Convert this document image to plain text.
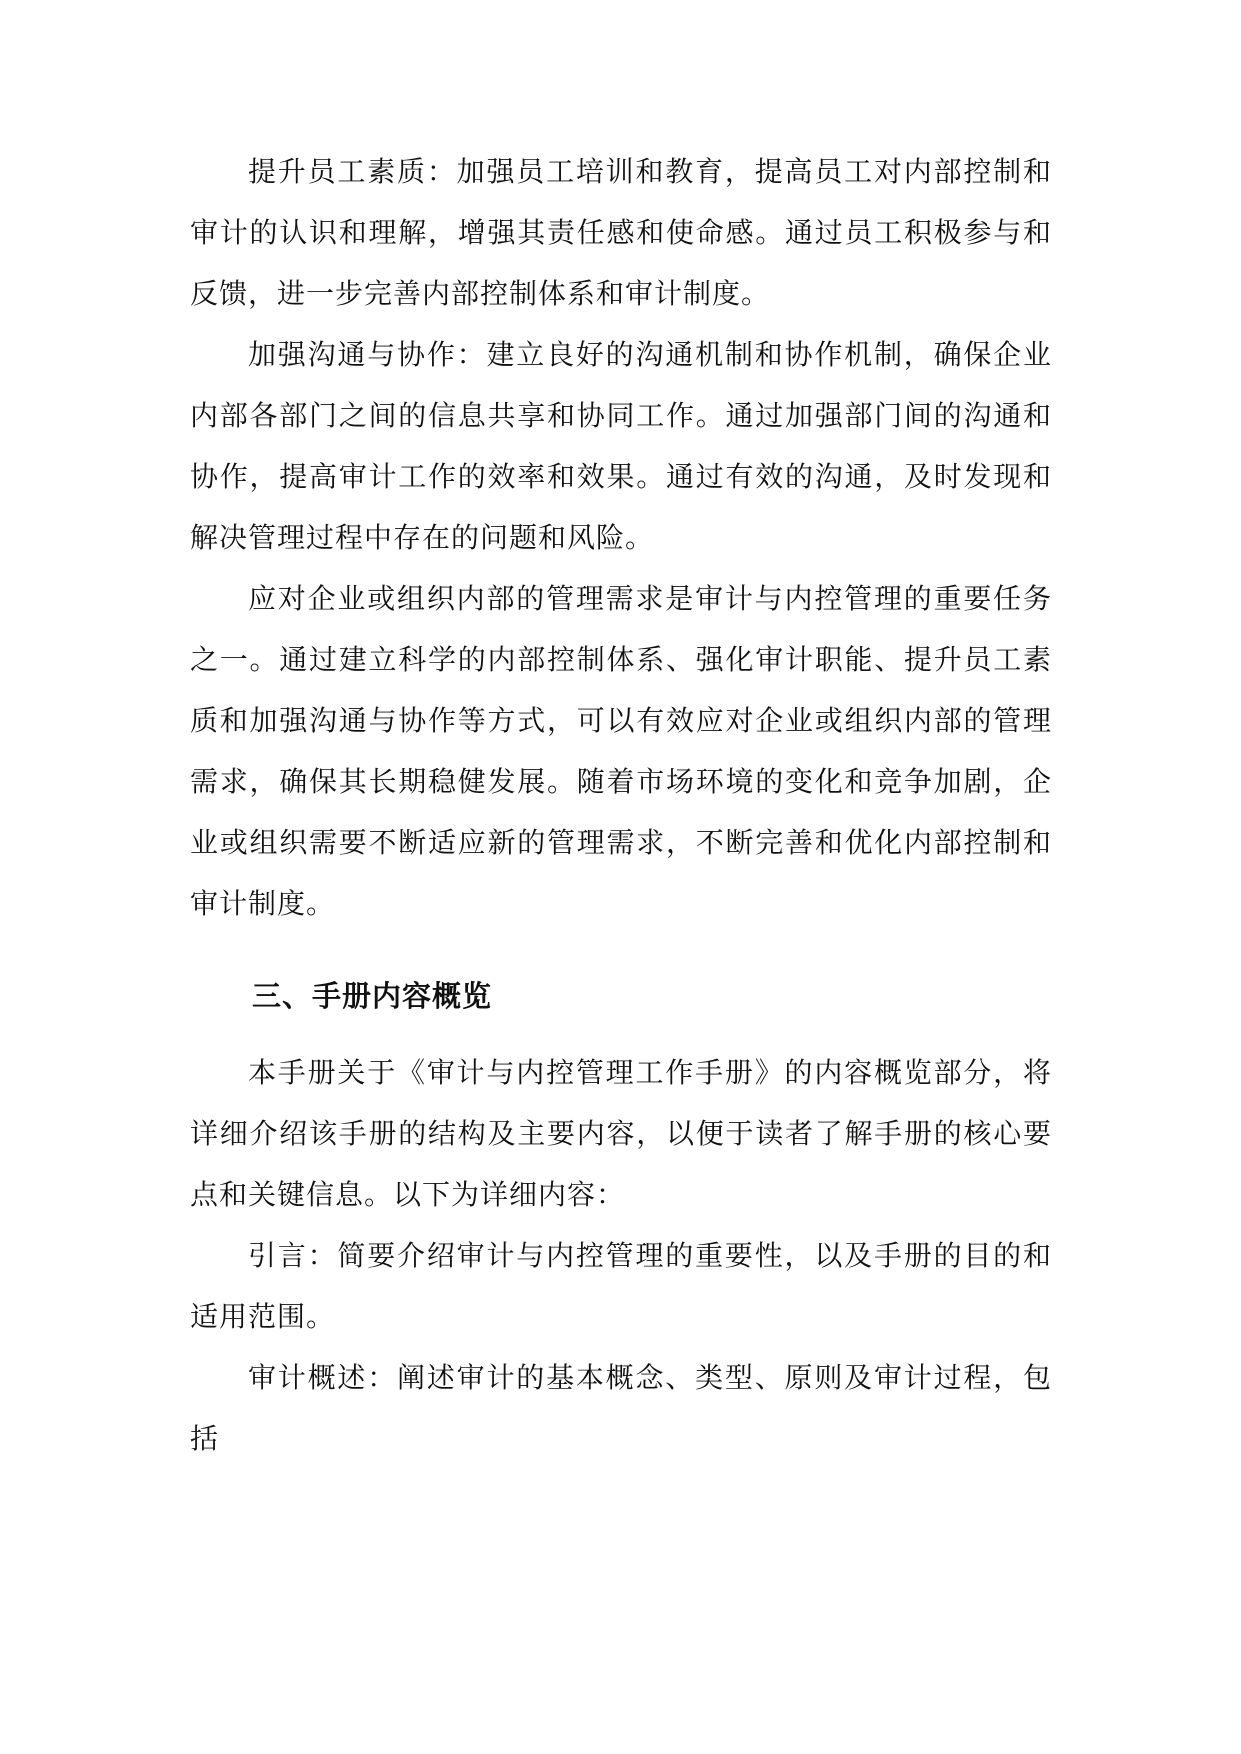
提升员工素质：加强员工培训和教育，提高员工对内部控制和审计的认识和理解，增强其责任感和使命感。通过员工积极参与和反馈，进一步完善内部控制体系和审计制度。

加强沟通与协作：建立良好的沟通机制和协作机制，确保企业内部各部门之间的信息共享和协同工作。通过加强部门间的沟通和协作，提高审计工作的效率和效果。通过有效的沟通，及时发现和解决管理过程中存在的问题和风险。

应对企业或组织内部的管理需求是审计与内控管理的重要任务之一。通过建立科学的内部控制体系、强化审计职能、提升员工素质和加强沟通与协作等方式，可以有效应对企业或组织内部的管理需求，确保其长期稳健发展。随着市场环境的变化和竞争加剧，企业或组织需要不断适应新的管理需求，不断完善和优化内部控制和审计制度。

三、手册内容概览

本手册关于《审计与内控管理工作手册》的内容概览部分，将详细介绍该手册的结构及主要内容，以便于读者了解手册的核心要点和关键信息。以下为详细内容：

引言：简要介绍审计与内控管理的重要性，以及手册的目的和适用范围。

审计概述：阐述审计的基本概念、类型、原则及审计过程，包括
